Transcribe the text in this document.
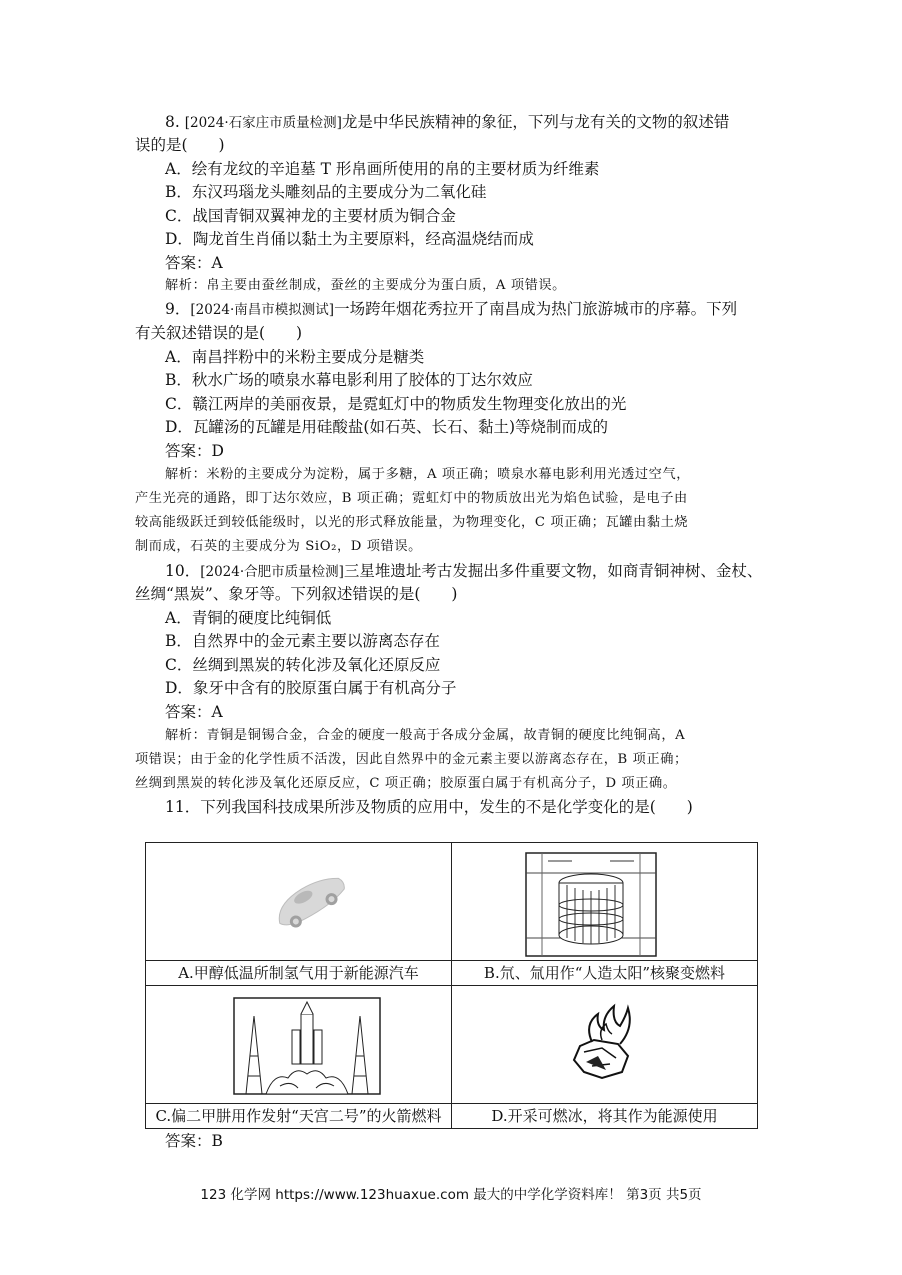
8. [2024·石家庄市质量检测]龙是中华民族精神的象征，下列与龙有关的文物的叙述错
误的是(　　)
A．绘有龙纹的辛追墓 T 形帛画所使用的帛的主要材质为纤维素
B．东汉玛瑙龙头雕刻品的主要成分为二氧化硅
C．战国青铜双翼神龙的主要材质为铜合金
D．陶龙首生肖俑以黏土为主要原料，经高温烧结而成
答案：A
解析：帛主要由蚕丝制成，蚕丝的主要成分为蛋白质，A 项错误。
9．[2024·南昌市模拟测试]一场跨年烟花秀拉开了南昌成为热门旅游城市的序幕。下列
有关叙述错误的是(　　)
A．南昌拌粉中的米粉主要成分是糖类
B．秋水广场的喷泉水幕电影利用了胶体的丁达尔效应
C．赣江两岸的美丽夜景，是霓虹灯中的物质发生物理变化放出的光
D．瓦罐汤的瓦罐是用硅酸盐(如石英、长石、黏土)等烧制而成的
答案：D
解析：米粉的主要成分为淀粉，属于多糖，A 项正确；喷泉水幕电影利用光透过空气，
产生光亮的通路，即丁达尔效应，B 项正确；霓虹灯中的物质放出光为焰色试验，是电子由
较高能级跃迁到较低能级时，以光的形式释放能量，为物理变化，C 项正确；瓦罐由黏土烧
制而成，石英的主要成分为 SiO₂，D 项错误。
10．[2024·合肥市质量检测]三星堆遗址考古发掘出多件重要文物，如商青铜神树、金杖、
丝绸“黑炭”、象牙等。下列叙述错误的是(　　)
A．青铜的硬度比纯铜低
B．自然界中的金元素主要以游离态存在
C．丝绸到黑炭的转化涉及氧化还原反应
D．象牙中含有的胶原蛋白属于有机高分子
答案：A
解析：青铜是铜锡合金，合金的硬度一般高于各成分金属，故青铜的硬度比纯铜高，A
项错误；由于金的化学性质不活泼，因此自然界中的金元素主要以游离态存在，B 项正确；
丝绸到黑炭的转化涉及氧化还原反应，C 项正确；胶原蛋白属于有机高分子，D 项正确。
11．下列我国科技成果所涉及物质的应用中，发生的不是化学变化的是(　　)

A.甲醇低温所制氢气用于新能源汽车	B.氘、氚用作“人造太阳”核聚变燃料

C.偏二甲肼用作发射“天宫二号”的火箭燃料	D.开采可燃冰，将其作为能源使用
答案：B
123 化学网 https://www.123huaxue.com 最大的中学化学资料库！ 第3页 共5页
